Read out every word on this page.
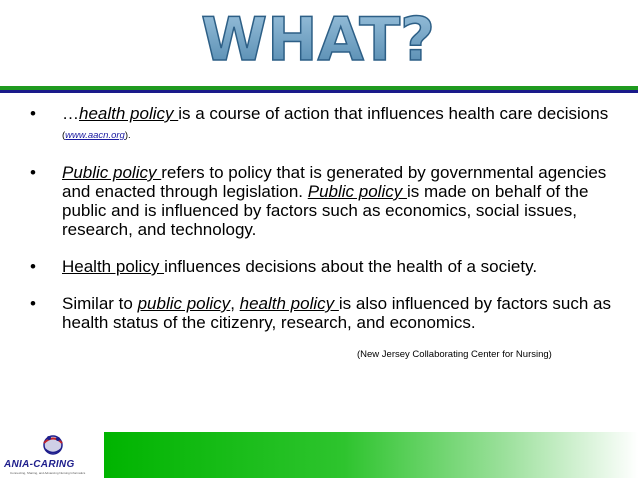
WHAT?
• …health policy is a course of action that influences health care decisions (www.aacn.org).
• Public policy refers to policy that is generated by governmental agencies and enacted through legislation. Public policy is made on behalf of the public and is influenced by factors such as economics, social issues, research, and technology.
• Health policy influences decisions about the health of a society.
• Similar to public policy, health policy is also influenced by factors such as health status of the citizenry, research, and economics.
(New Jersey Collaborating Center for Nursing)
ANIA-CARING
Connecting, Sharing, and Advancing Nursing Informatics
